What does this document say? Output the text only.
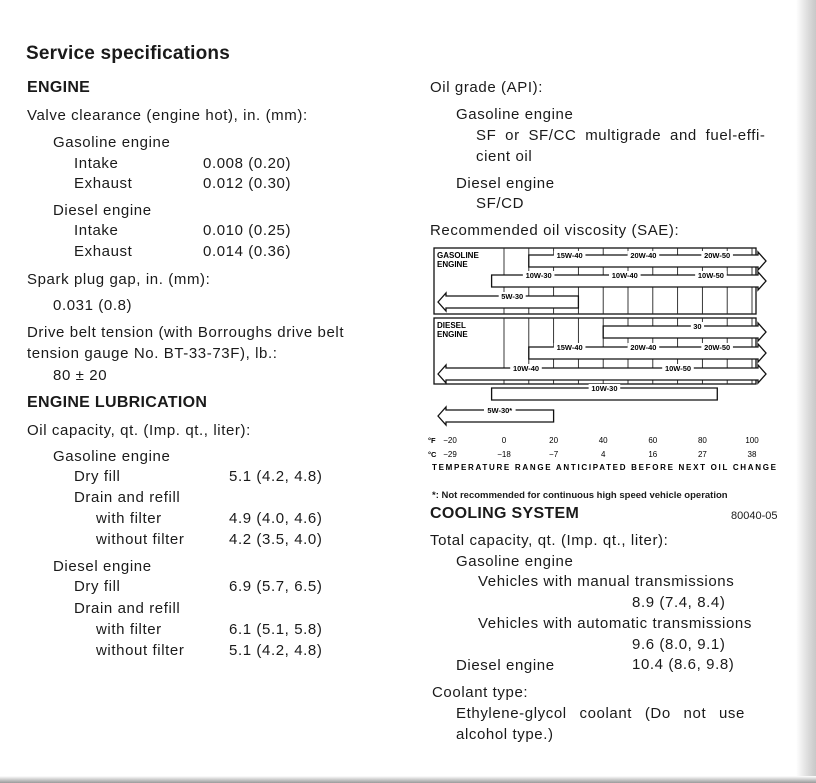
Service specifications
ENGINE
Valve clearance (engine hot), in. (mm):
Gasoline engine
Intake	0.008 (0.20)
Exhaust	0.012 (0.30)
Diesel engine
Intake	0.010 (0.25)
Exhaust	0.014 (0.36)
Spark plug gap, in. (mm):
0.031 (0.8)
Drive belt tension (with Borroughs drive belt
tension gauge No. BT-33-73F), lb.:
80 ± 20
ENGINE LUBRICATION
Oil capacity, qt. (Imp. qt., liter):
Gasoline engine
Dry fill	5.1 (4.2, 4.8)
Drain and refill
with filter	4.9 (4.0, 4.6)
without filter	4.2 (3.5, 4.0)
Diesel engine
Dry fill	6.9 (5.7, 6.5)
Drain and refill
with filter	6.1 (5.1, 5.8)
without filter	5.1 (4.2, 4.8)
Oil grade (API):
Gasoline engine
SF or SF/CC multigrade and fuel-effi-
cient oil
Diesel engine
SF/CD
Recommended oil viscosity (SAE):
GASOLINE
ENGINE
DIESEL
ENGINE
15W-40	20W-40	20W-50
10W-30	10W-40	10W-50
5W-30
30
15W-40	20W-40	20W-50
10W-40	10W-50
10W-30
5W-30*
°F
°C
−20
−29
0
−18
20
−7
40
4
60
16
80
27
100
38
TEMPERATURE RANGE ANTICIPATED BEFORE NEXT OIL CHANGE
*: Not recommended for continuous high speed vehicle operation
COOLING SYSTEM	80040-05
Total capacity, qt. (Imp. qt., liter):
Gasoline engine
Vehicles with manual transmissions
8.9 (7.4, 8.4)
Vehicles with automatic transmissions
9.6 (8.0, 9.1)
Diesel engine	10.4 (8.6, 9.8)
Coolant type:
Ethylene-glycol coolant (Do not use
alcohol type.)
